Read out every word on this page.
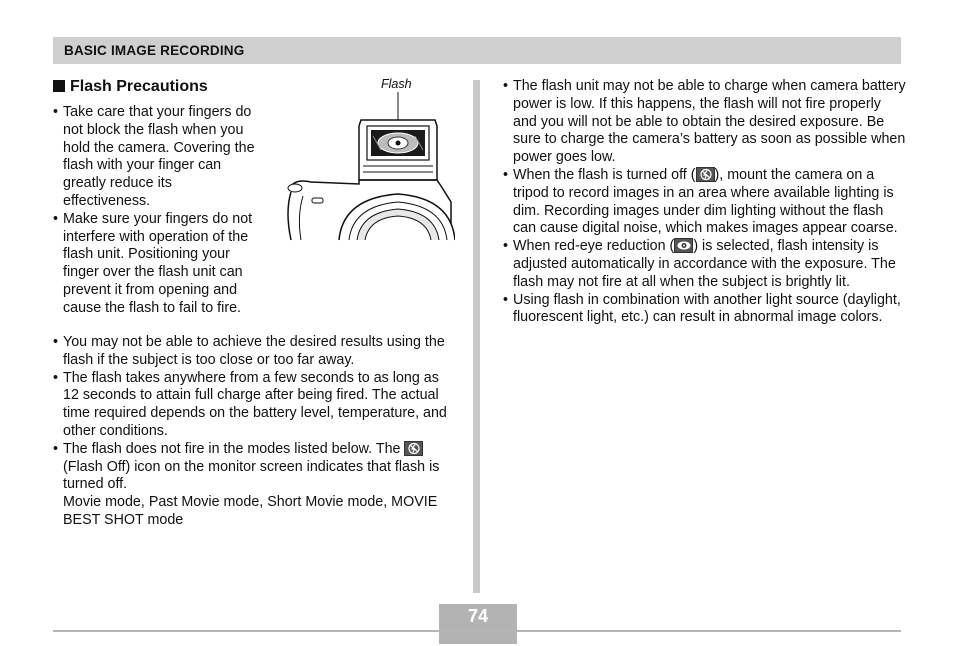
BASIC IMAGE RECORDING
Flash Precautions	Flash
• Take care that your fingers do not block the flash when you hold the camera. Covering the flash with your finger can greatly reduce its effectiveness.
• Make sure your fingers do not interfere with operation of the flash unit. Positioning your finger over the flash unit can prevent it from opening and cause the flash to fail to fire.
• You may not be able to achieve the desired results using the flash if the subject is too close or too far away.
• The flash takes anywhere from a few seconds to as long as 12 seconds to attain full charge after being fired. The actual time required depends on the battery level, temperature, and other conditions.
• The flash does not fire in the modes listed below. The
(Flash Off) icon on the monitor screen indicates that flash is turned off.
Movie mode, Past Movie mode, Short Movie mode, MOVIE BEST SHOT mode
• The flash unit may not be able to charge when camera battery power is low. If this happens, the flash will not fire properly and you will not be able to obtain the desired exposure. Be sure to charge the camera’s battery as soon as possible when power goes low.
• When the flash is turned off ( ), mount the camera on a tripod to record images in an area where available lighting is dim. Recording images under dim lighting without the flash can cause digital noise, which makes images appear coarse.
• When red-eye reduction ( ) is selected, flash intensity is adjusted automatically in accordance with the exposure. The flash may not fire at all when the subject is brightly lit.
• Using flash in combination with another light source (daylight, fluorescent light, etc.) can result in abnormal image colors.
74
